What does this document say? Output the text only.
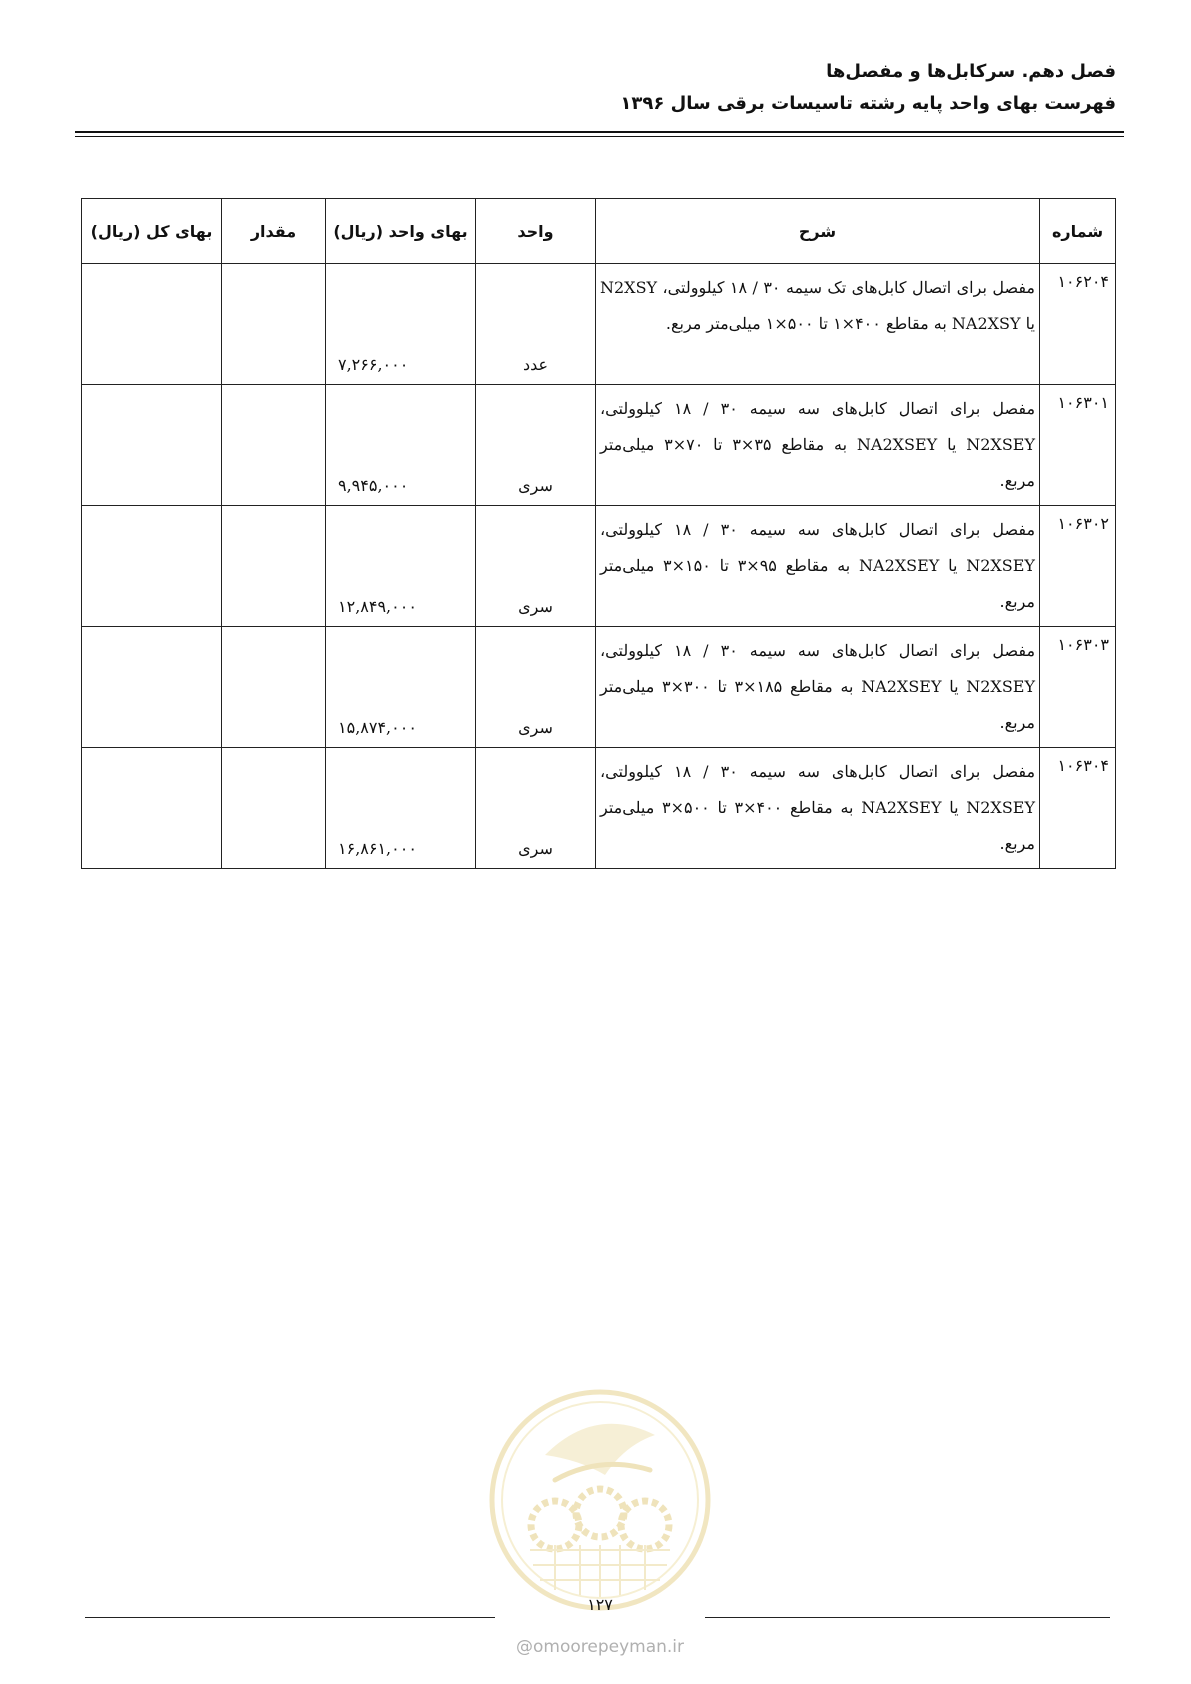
فصل دهم. سرکابل‌ها و مفصل‌ها
فهرست بهای واحد پایه رشته تاسیسات برقی سال ۱۳۹۶
شماره	شرح	واحد	بهای واحد (ریال)	مقدار	بهای کل (ریال)
۱۰۶۲۰۴	مفصل برای اتصال کابل‌های تک سیمه ۳۰ / ۱۸ کیلوولتی، N2XSY یا NA2XSY به مقاطع ۴۰۰×۱ تا ۵۰۰×۱ میلی‌متر مربع.	عدد	۷,۲۶۶,۰۰۰		
۱۰۶۳۰۱	مفصل برای اتصال کابل‌های سه سیمه ۳۰ / ۱۸ کیلوولتی، N2XSEY یا NA2XSEY به مقاطع ۳۵×۳ تا ۷۰×۳ میلی‌متر مربع.	سری	۹,۹۴۵,۰۰۰		
۱۰۶۳۰۲	مفصل برای اتصال کابل‌های سه سیمه ۳۰ / ۱۸ کیلوولتی، N2XSEY یا NA2XSEY به مقاطع ۹۵×۳ تا ۱۵۰×۳ میلی‌متر مربع.	سری	۱۲,۸۴۹,۰۰۰		
۱۰۶۳۰۳	مفصل برای اتصال کابل‌های سه سیمه ۳۰ / ۱۸ کیلوولتی، N2XSEY یا NA2XSEY به مقاطع ۱۸۵×۳ تا ۳۰۰×۳ میلی‌متر مربع.	سری	۱۵,۸۷۴,۰۰۰		
۱۰۶۳۰۴	مفصل برای اتصال کابل‌های سه سیمه ۳۰ / ۱۸ کیلوولتی، N2XSEY یا NA2XSEY به مقاطع ۴۰۰×۳ تا ۵۰۰×۳ میلی‌متر مربع.	سری	۱۶,۸۶۱,۰۰۰		
۱۲۷
@omoorepeyman.ir
